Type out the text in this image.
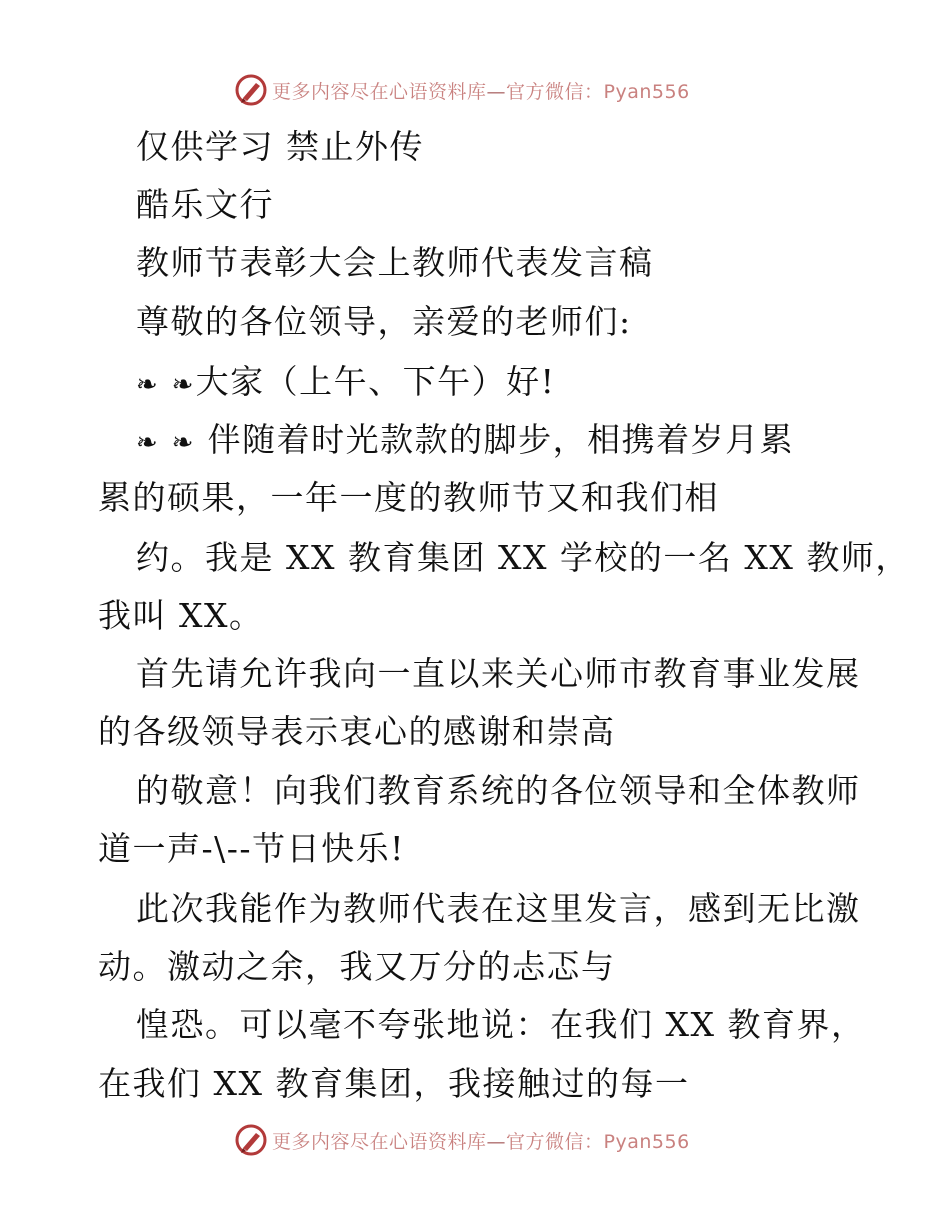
更多内容尽在心语资料库—官方微信：Pyan556
仅供学习 禁止外传
酷乐文行
教师节表彰大会上教师代表发言稿
尊敬的各位领导，亲爱的老师们:
❧ ❧大家（上午、下午）好!
❧ ❧ 伴随着时光款款的脚步，相携着岁月累
累的硕果，一年一度的教师节又和我们相
约。我是 XX 教育集团 XX 学校的一名 XX 教师，
我叫 XX。
首先请允许我向一直以来关心师市教育事业发展
的各级领导表示衷心的感谢和崇高
的敬意！向我们教育系统的各位领导和全体教师
道一声-\--节日快乐!
此次我能作为教师代表在这里发言，感到无比激
动。激动之余，我又万分的忐忑与
惶恐。可以毫不夸张地说：在我们 XX 教育界，
在我们 XX 教育集团，我接触过的每一
更多内容尽在心语资料库—官方微信：Pyan556
